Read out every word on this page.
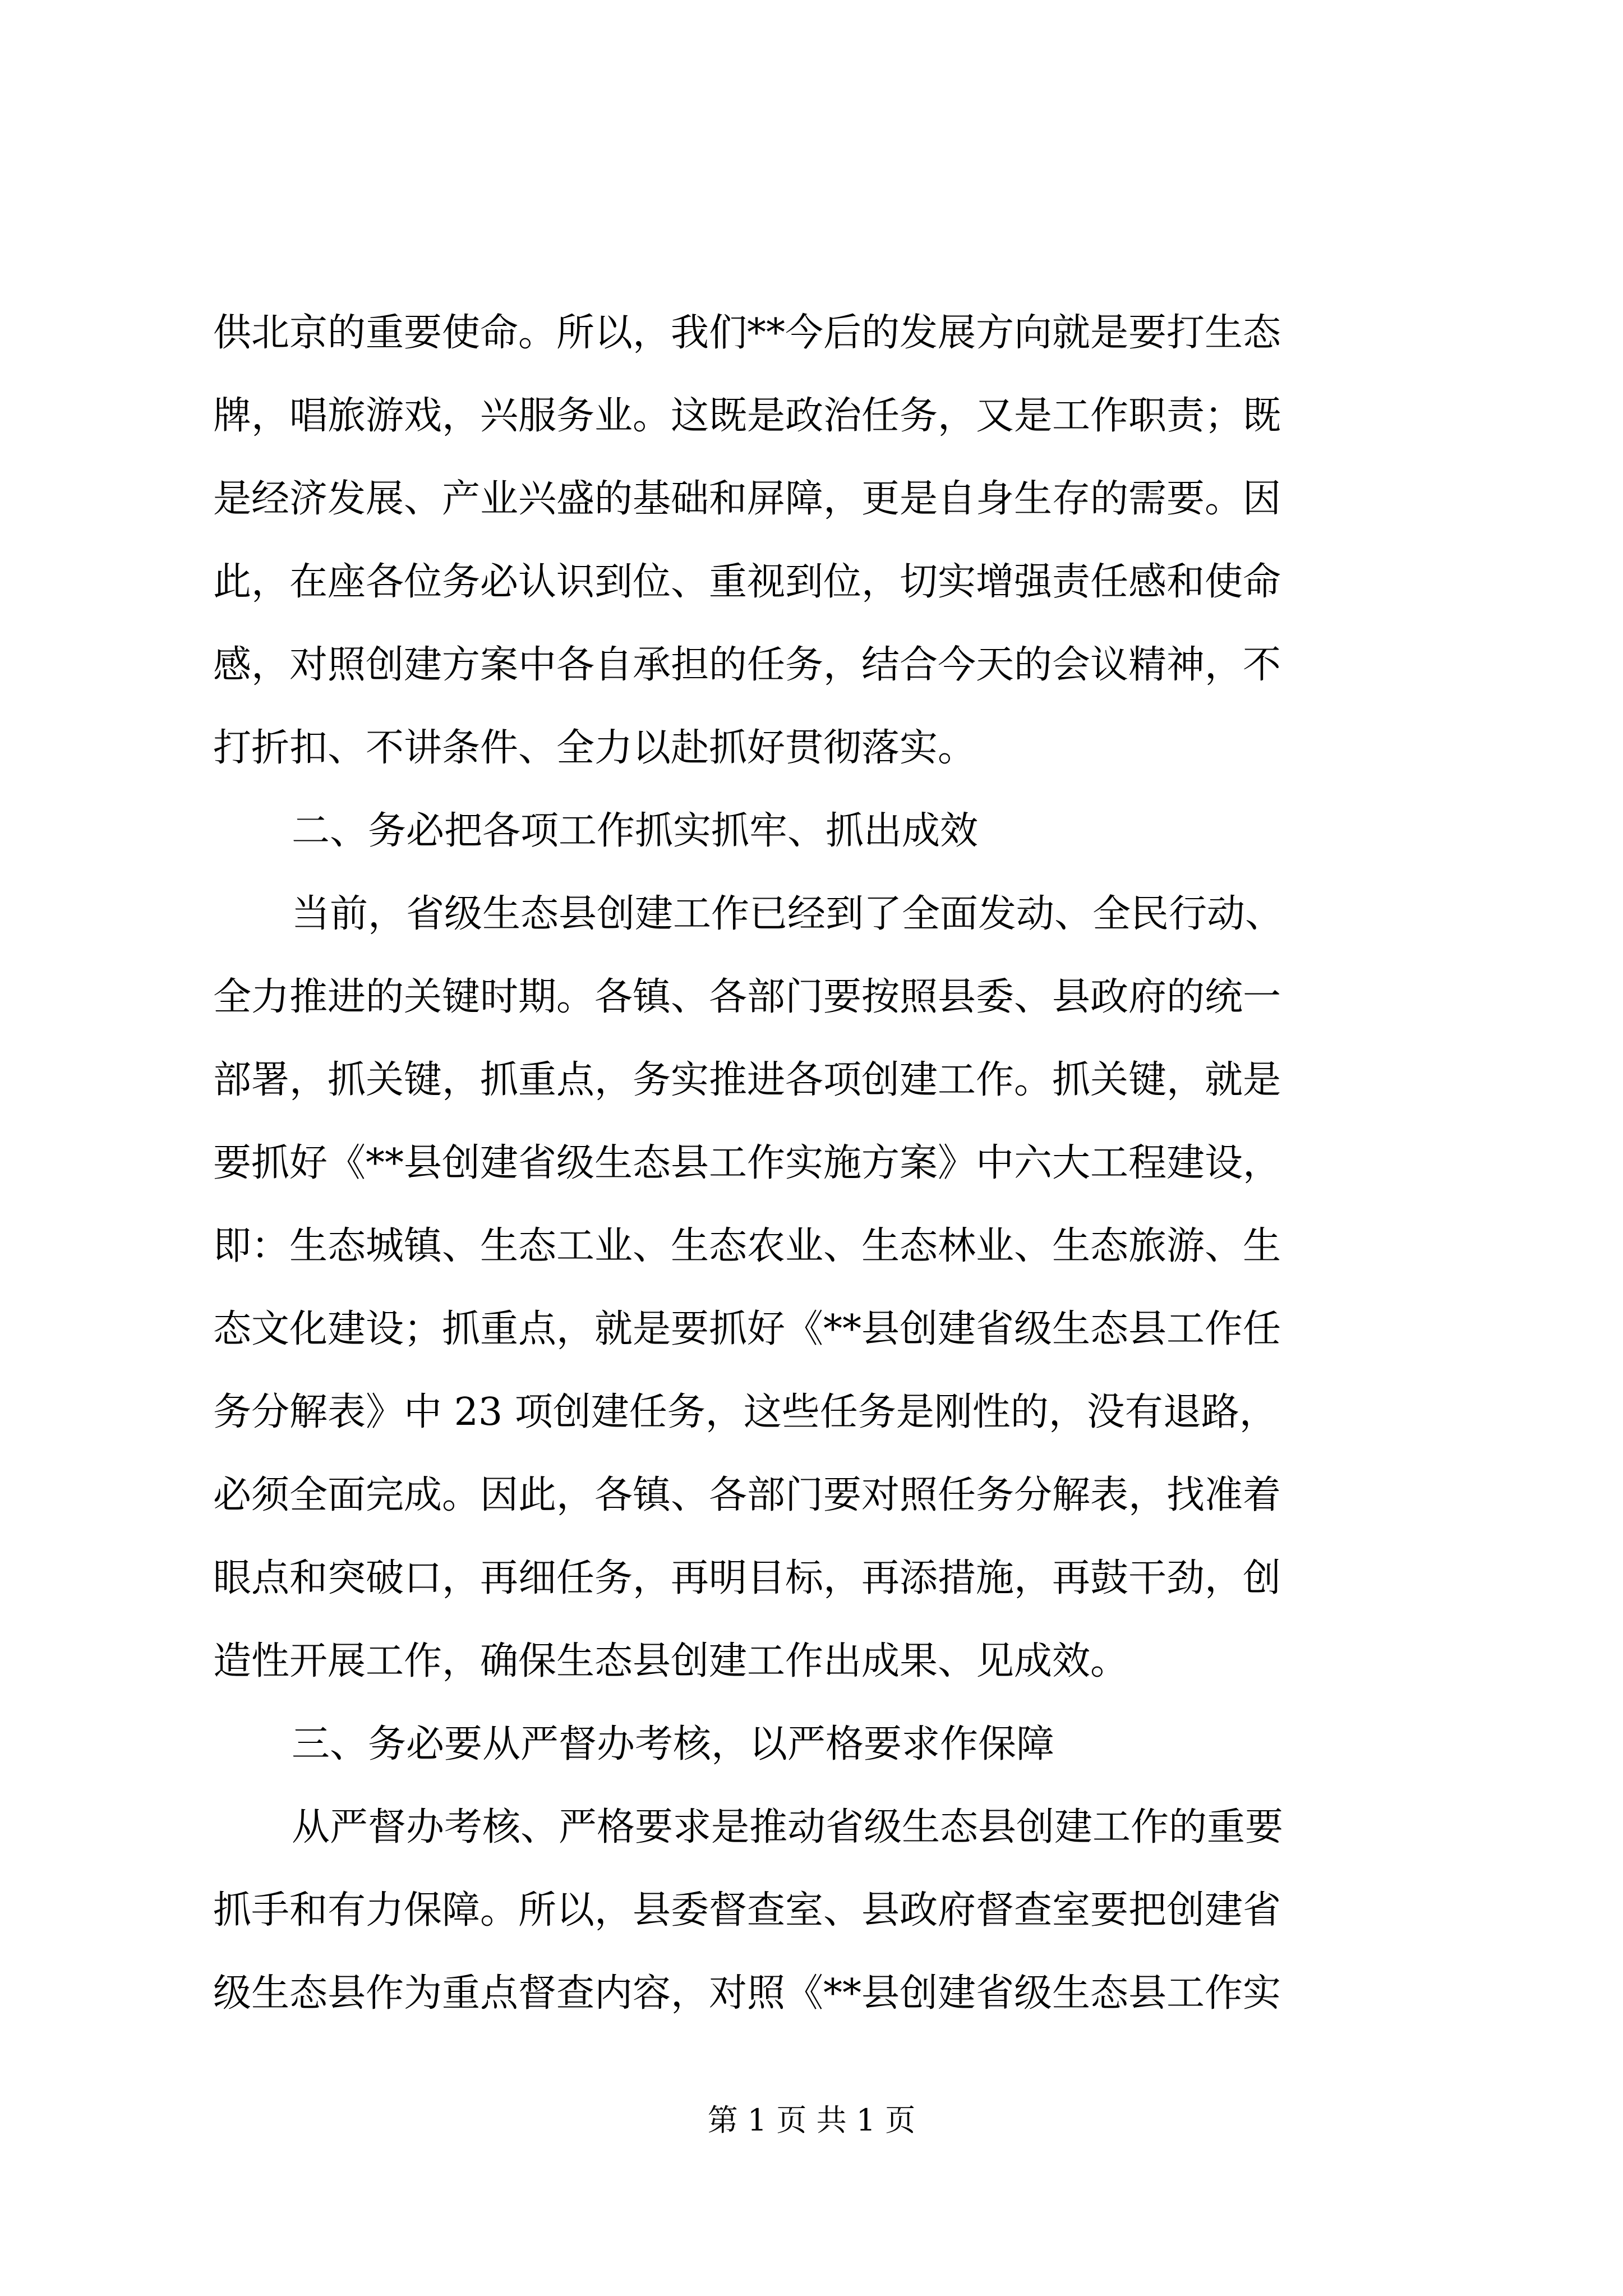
供北京的重要使命。所以，我们**今后的发展方向就是要打生态
牌，唱旅游戏，兴服务业。这既是政治任务，又是工作职责；既
是经济发展、产业兴盛的基础和屏障，更是自身生存的需要。因
此，在座各位务必认识到位、重视到位，切实增强责任感和使命
感，对照创建方案中各自承担的任务，结合今天的会议精神，不
打折扣、不讲条件、全力以赴抓好贯彻落实。
二、务必把各项工作抓实抓牢、抓出成效
当前，省级生态县创建工作已经到了全面发动、全民行动、
全力推进的关键时期。各镇、各部门要按照县委、县政府的统一
部署，抓关键，抓重点，务实推进各项创建工作。抓关键，就是
要抓好《**县创建省级生态县工作实施方案》中六大工程建设，
即：生态城镇、生态工业、生态农业、生态林业、生态旅游、生
态文化建设；抓重点，就是要抓好《**县创建省级生态县工作任
务分解表》中 23 项创建任务，这些任务是刚性的，没有退路，
必须全面完成。因此，各镇、各部门要对照任务分解表，找准着
眼点和突破口，再细任务，再明目标，再添措施，再鼓干劲，创
造性开展工作，确保生态县创建工作出成果、见成效。
三、务必要从严督办考核，以严格要求作保障
从严督办考核、严格要求是推动省级生态县创建工作的重要
抓手和有力保障。所以，县委督查室、县政府督查室要把创建省
级生态县作为重点督查内容，对照《**县创建省级生态县工作实
第 1 页 共 1 页
